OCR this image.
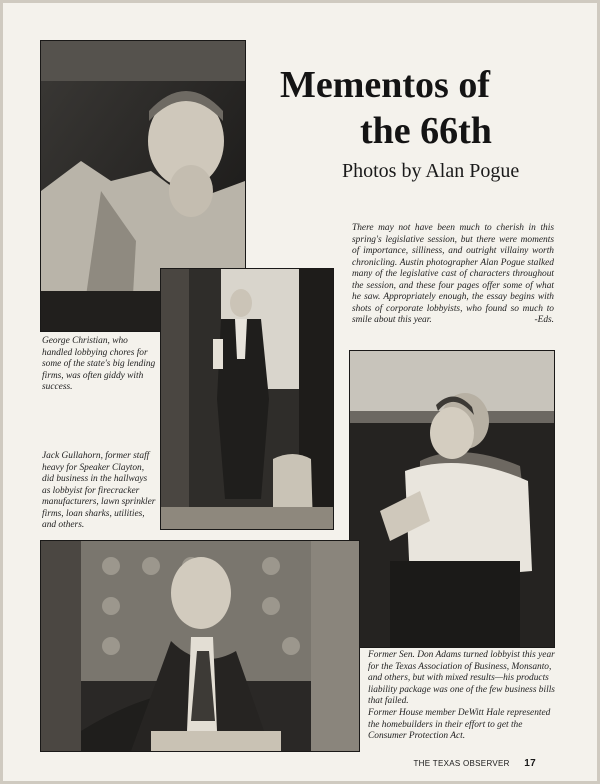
Mementos of
the 66th
Photos by Alan Pogue
There may not have been much to cherish in this spring's legislative session, but there were moments of importance, silliness, and outright villainy worth chronicling. Austin photographer Alan Pogue stalked many of the legislative cast of characters throughout the session, and these four pages offer some of what he saw. Appropriately enough, the essay begins with shots of corporate lobbyists, who found so much to smile about this year.	-Eds.
George Christian, who handled lobbying chores for some of the state's big lending firms, was often giddy with success.
Jack Gullahorn, former staff heavy for Speaker Clayton, did business in the hallways as lobbyist for firecracker manufacturers, lawn sprinkler firms, loan sharks, utilities, and others.
Former Sen. Don Adams turned lobbyist this year for the Texas Association of Business, Monsanto, and others, but with mixed results—his products liability package was one of the few business bills that failed.
Former House member DeWitt Hale represented the homebuilders in their effort to get the Consumer Protection Act.
THE TEXAS OBSERVER 17
